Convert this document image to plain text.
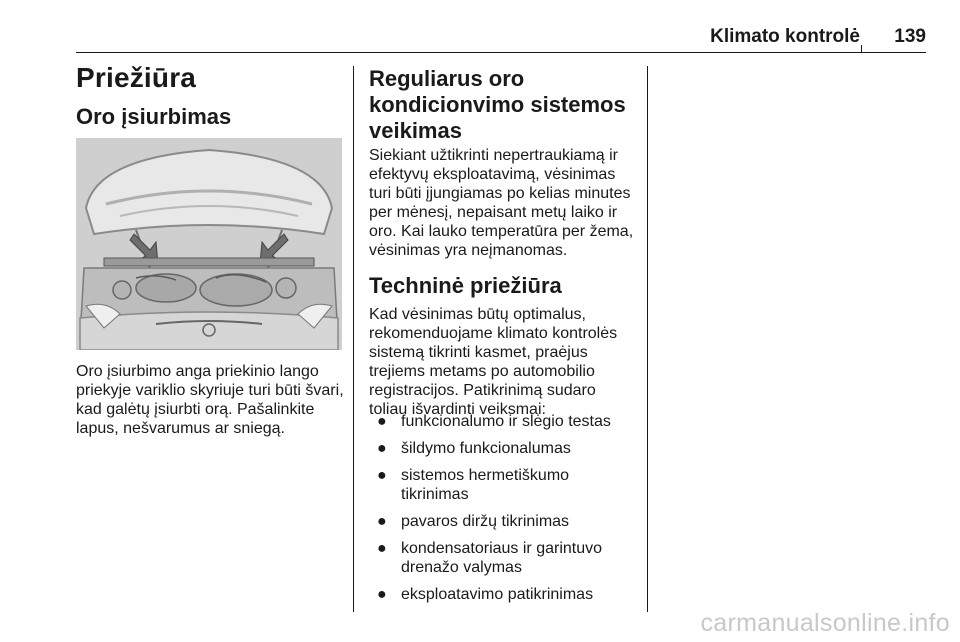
Klimato kontrolė	139
Priežiūra
Oro įsiurbimas
Oro įsiurbimo anga priekinio lango
priekyje variklio skyriuje turi būti švari,
kad galėtų įsiurbti orą. Pašalinkite
lapus, nešvarumus ar sniegą.
Reguliarus oro
kondicionvimo sistemos
veikimas
Siekiant užtikrinti nepertraukiamą ir
efektyvų eksploatavimą, vėsinimas
turi būti įjungiamas po kelias minutes
per mėnesį, nepaisant metų laiko ir
oro. Kai lauko temperatūra per žema,
vėsinimas yra neįmanomas.
Techninė priežiūra
Kad vėsinimas būtų optimalus,
rekomenduojame klimato kontrolės
sistemą tikrinti kasmet, praėjus
trejiems metams po automobilio
registracijos. Patikrinimą sudaro
toliau išvardinti veiksmai:
● funkcionalumo ir slėgio testas
● šildymo funkcionalumas
● sistemos hermetiškumo
tikrinimas
● pavaros diržų tikrinimas
● kondensatoriaus ir garintuvo
drenažo valymas
● eksploatavimo patikrinimas
carmanualsonline.info
